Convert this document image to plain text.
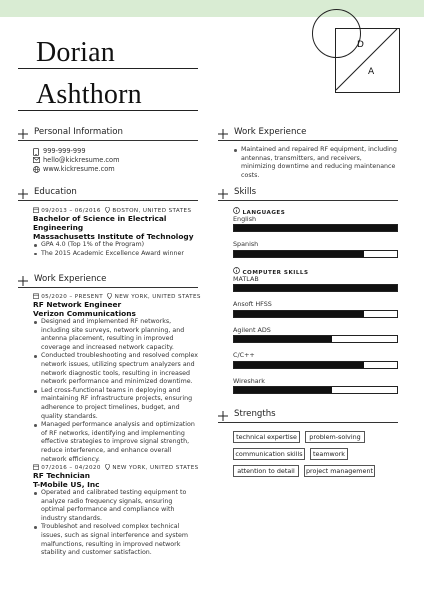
Dorian
Ashthorn
D
A
Personal Information
999-999-999
hello@kickresume.com
www.kickresume.com
Education
09/2013 – 06/2016 BOSTON, UNITED STATES
Bachelor of Science in Electrical
Engineering
Massachusetts Institute of Technology
GPA 4.0 (Top 1% of the Program)
The 2015 Academic Excellence Award winner
Work Experience
05/2020 – PRESENT NEW YORK, UNITED STATES
RF Network Engineer
Verizon Communications
Designed and implemented RF networks, including site surveys, network planning, and antenna placement, resulting in improved coverage and increased network capacity.
Conducted troubleshooting and resolved complex network issues, utilizing spectrum analyzers and network diagnostic tools, resulting in increased network performance and minimized downtime.
Led cross-functional teams in deploying and maintaining RF infrastructure projects, ensuring adherence to project timelines, budget, and quality standards.
Managed performance analysis and optimization of RF networks, identifying and implementing effective strategies to improve signal strength, reduce interference, and enhance overall network efficiency.
07/2016 – 04/2020 NEW YORK, UNITED STATES
RF Technician
T-Mobile US, Inc
Operated and calibrated testing equipment to analyze radio frequency signals, ensuring optimal performance and compliance with industry standards.
Troubleshot and resolved complex technical issues, such as signal interference and system malfunctions, resulting in improved network stability and customer satisfaction.
Work Experience
Maintained and repaired RF equipment, including antennas, transmitters, and receivers, minimizing downtime and reducing maintenance costs.
Skills
LANGUAGES
English
Spanish
COMPUTER SKILLS
MATLAB
Ansoft HFSS
Agilent ADS
C/C++
Wireshark
Strengths
technical expertise	problem-solving
communication skills	teamwork
attention to detail	project management
